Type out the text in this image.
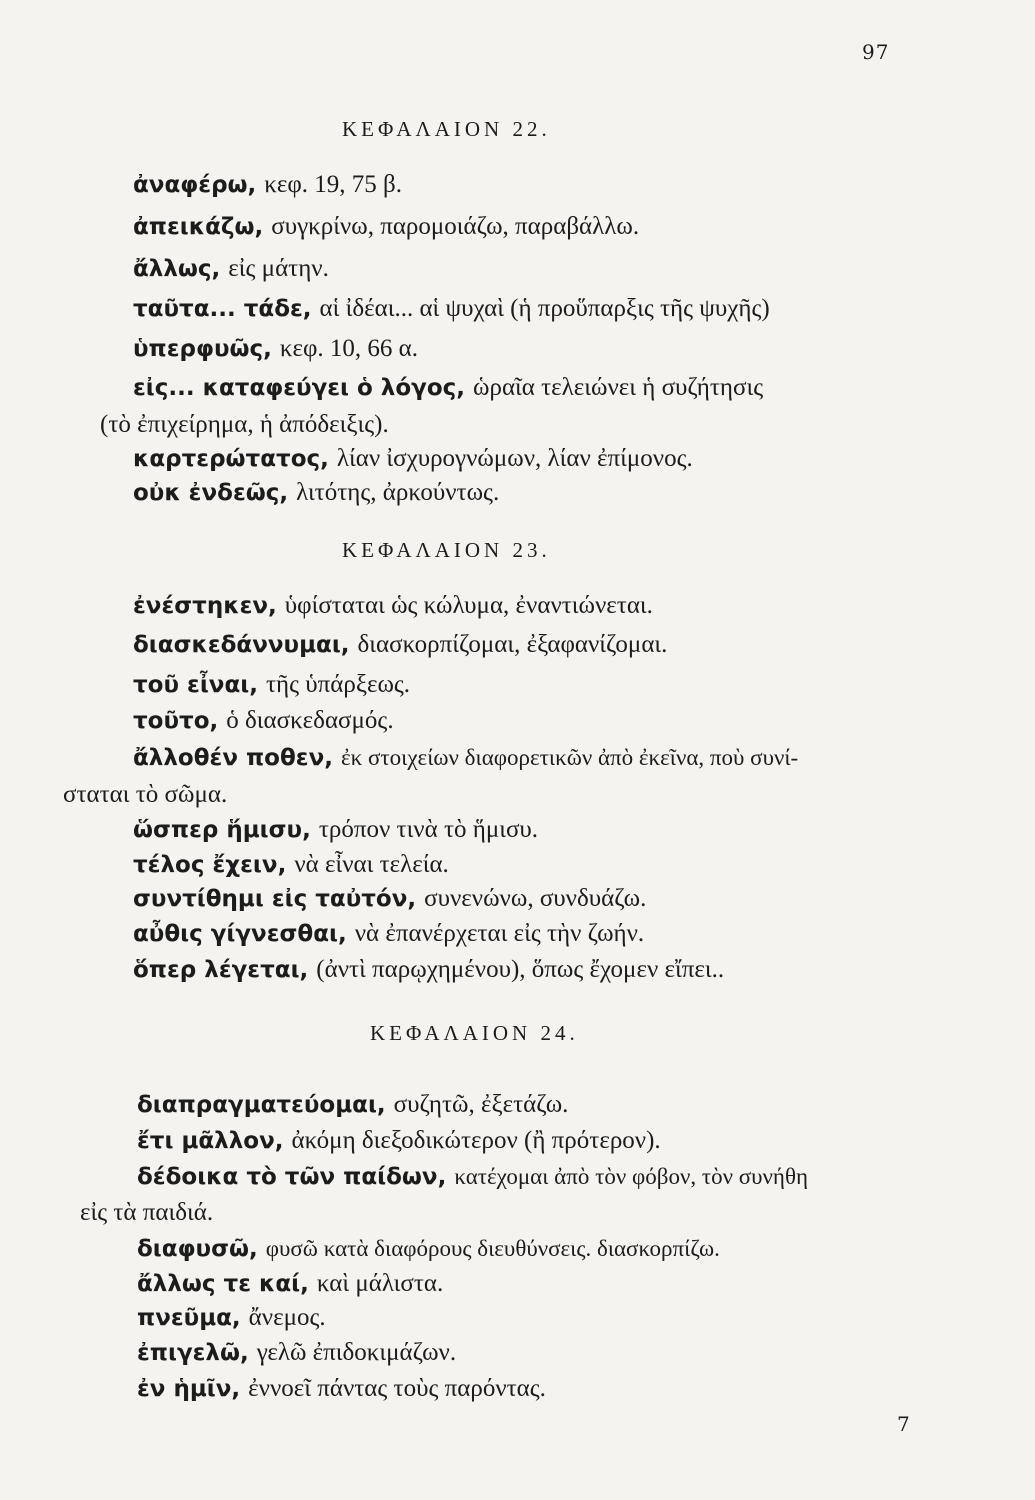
97
ΚΕΦΑΛΑΙΟΝ 22.
ἀναφέρω, κεφ. 19, 75 β.
ἀπεικάζω, συγκρίνω, παρομοιάζω, παραβάλλω.
ἄλλως, εἰς μάτην.
ταῦτα... τάδε, αἱ ἰδέαι... αἱ ψυχαὶ (ἡ προὕπαρξις τῆς ψυχῆς)
ὑπερφυῶς, κεφ. 10, 66 α.
εἰς... καταφεύγει ὁ λόγος, ὡραῖα τελειώνει ἡ συζήτησις
(τὸ ἐπιχείρημα, ἡ ἀπόδειξις).
καρτερώτατος, λίαν ἰσχυρογνώμων, λίαν ἐπίμονος.
οὐκ ἐνδεῶς, λιτότης, ἀρκούντως.
ΚΕΦΑΛΑΙΟΝ 23.
ἐνέστηκεν, ὑφίσταται ὡς κώλυμα, ἐναντιώνεται.
διασκεδάννυμαι, διασκορπίζομαι, ἐξαφανίζομαι.
τοῦ εἶναι, τῆς ὑπάρξεως.
τοῦτο, ὁ διασκεδασμός.
ἄλλοθέν ποθεν, ἐκ στοιχείων διαφορετικῶν ἀπὸ ἐκεῖνα, ποὺ συνί-
σταται τὸ σῶμα.
ὥσπερ ἥμισυ, τρόπον τινὰ τὸ ἥμισυ.
τέλος ἔχειν, νὰ εἶναι τελεία.
συντίθημι εἰς ταὐτόν, συνενώνω, συνδυάζω.
αὖθις γίγνεσθαι, νὰ ἐπανέρχεται εἰς τὴν ζωήν.
ὅπερ λέγεται, (ἀντὶ παρῳχημένου), ὅπως ἔχομεν εἴπει..
ΚΕΦΑΛΑΙΟΝ 24.
διαπραγματεύομαι, συζητῶ, ἐξετάζω.
ἔτι μᾶλλον, ἀκόμη διεξοδικώτερον (ἢ πρότερον).
δέδοικα τὸ τῶν παίδων, κατέχομαι ἀπὸ τὸν φόβον, τὸν συνήθη
εἰς τὰ παιδιά.
διαφυσῶ, φυσῶ κατὰ διαφόρους διευθύνσεις. διασκορπίζω.
ἄλλως τε καί, καὶ μάλιστα.
πνεῦμα, ἄνεμος.
ἐπιγελῶ, γελῶ ἐπιδοκιμάζων.
ἐν ἡμῖν, ἐννοεῖ πάντας τοὺς παρόντας.
7
